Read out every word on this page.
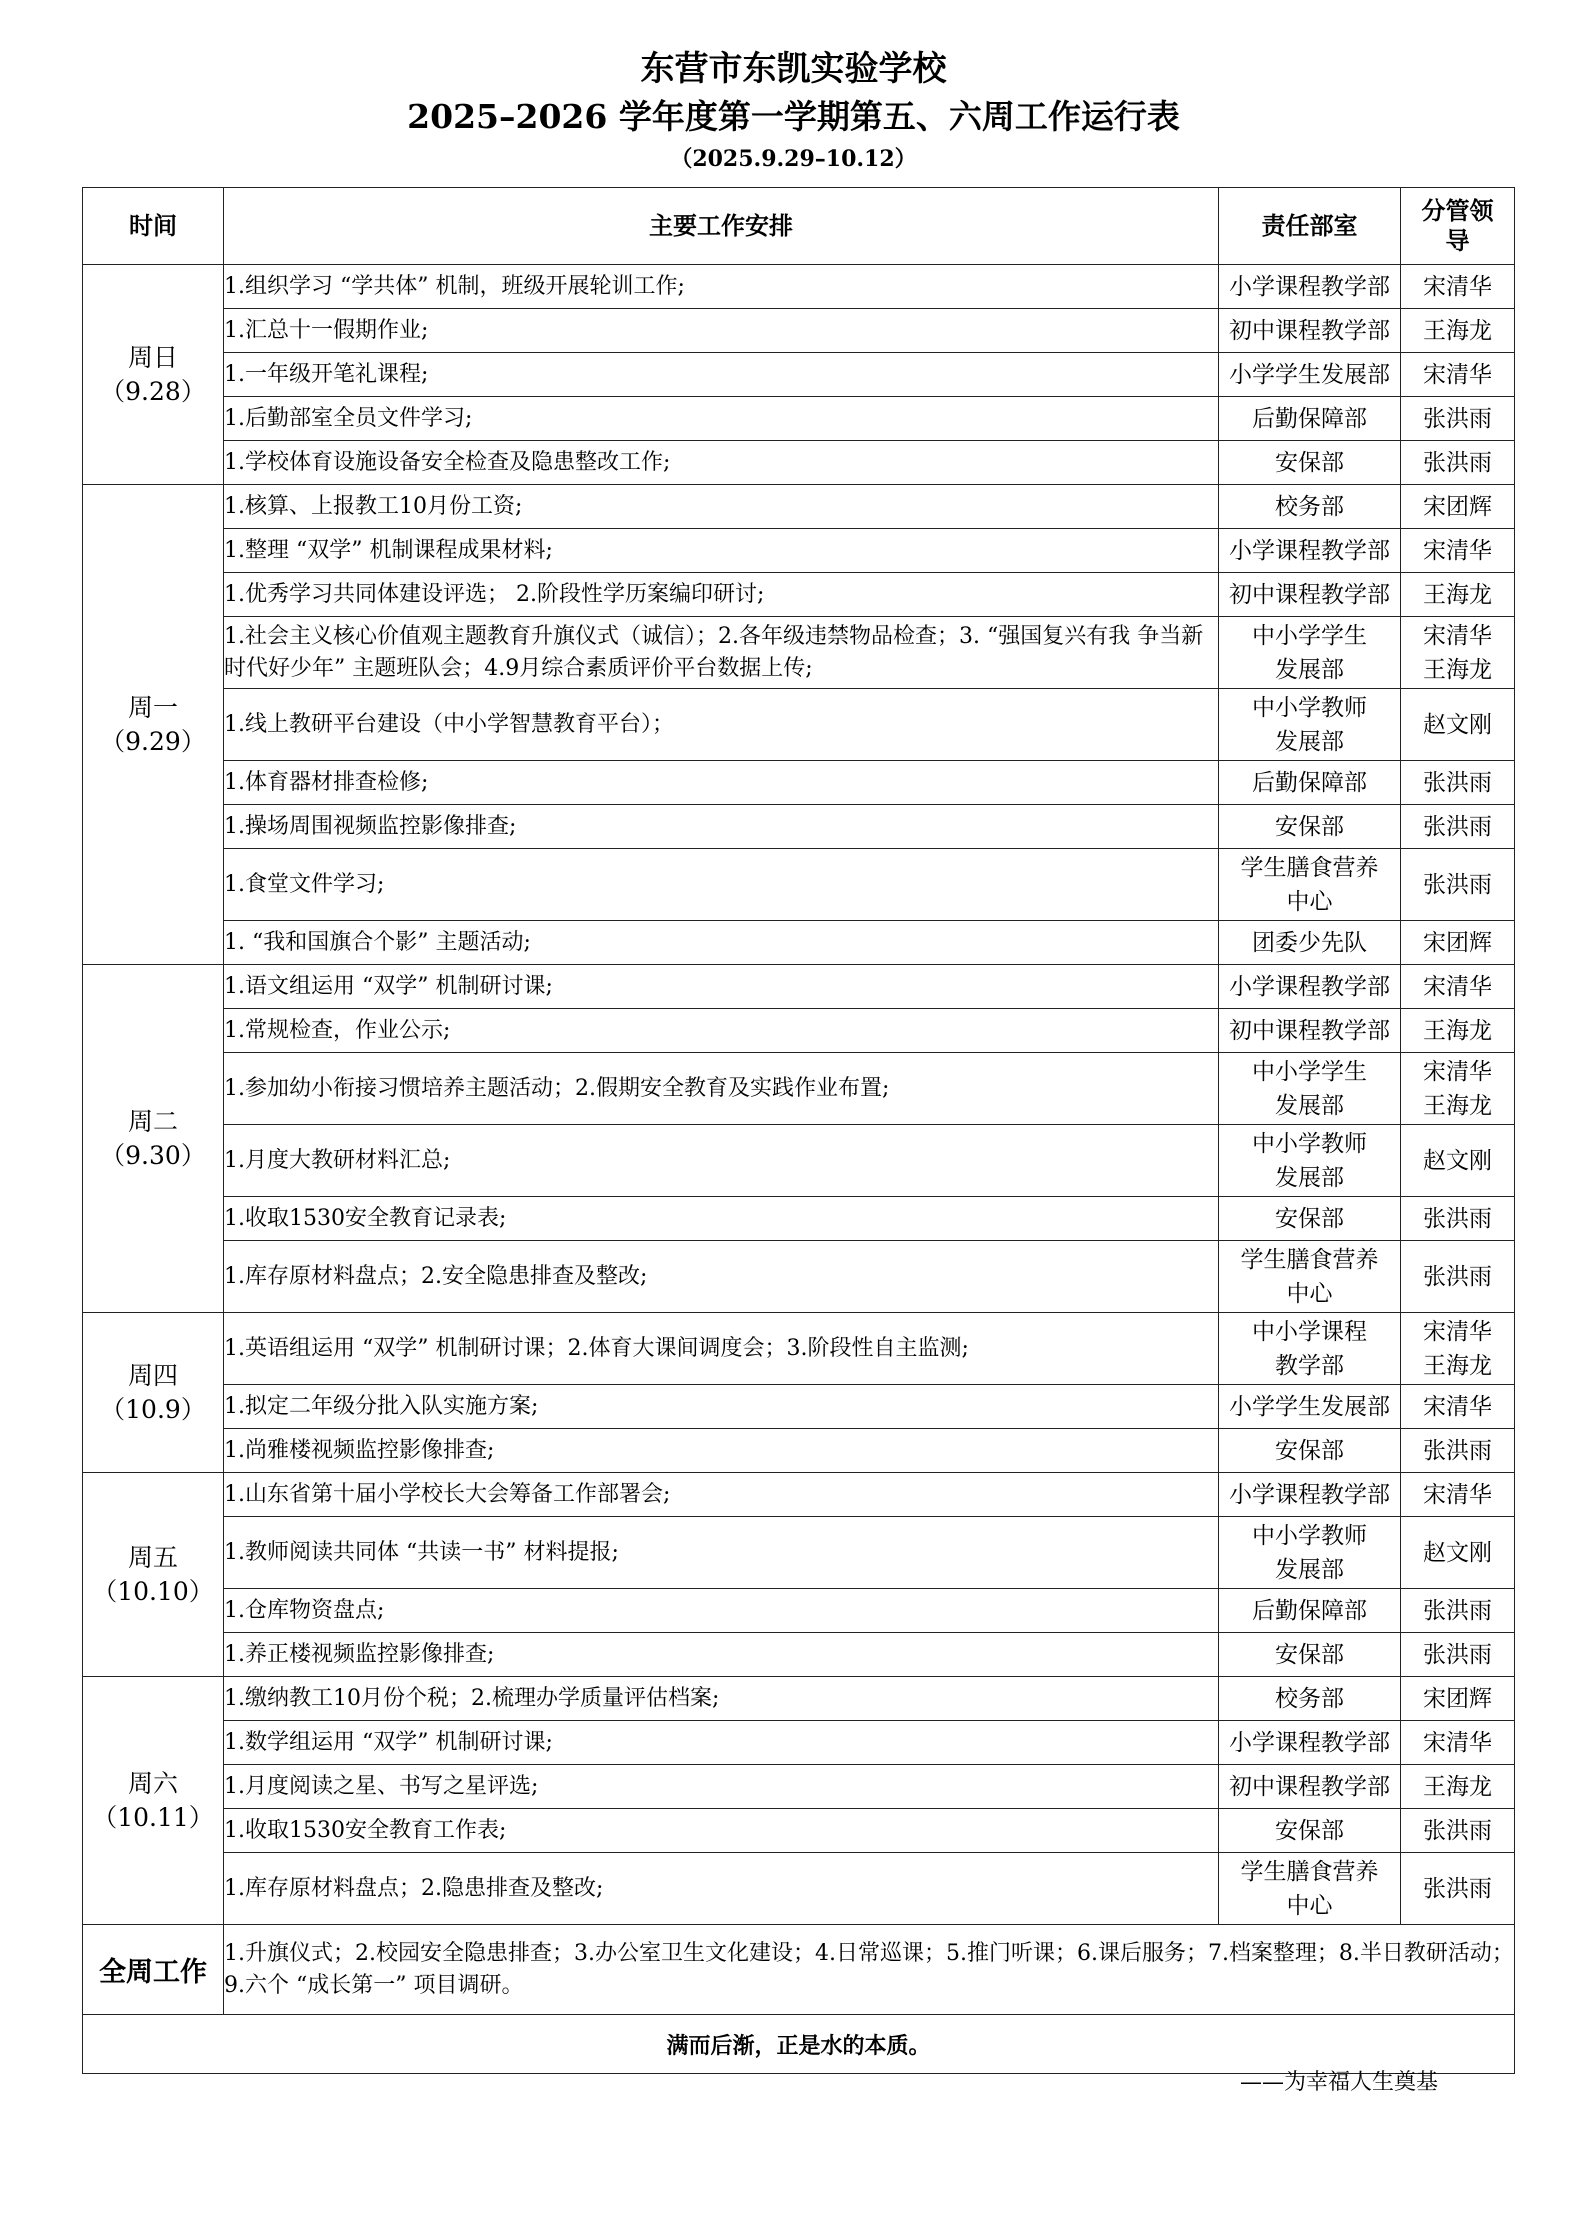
东营市东凯实验学校
2025–2026 学年度第一学期第五、六周工作运行表
（2025.9.29–10.12）
时间	主要工作安排	责任部室	分管领导

周日
（9.28）	1.组织学习 “学共体” 机制，班级开展轮训工作;	小学课程教学部	宋清华

	1.汇总十一假期作业;	初中课程教学部	王海龙

	1.一年级开笔礼课程;	小学学生发展部	宋清华

	1.后勤部室全员文件学习;	后勤保障部	张洪雨

	1.学校体育设施设备安全检查及隐患整改工作;	安保部	张洪雨

周一
（9.29）	1.核算、上报教工10月份工资;	校务部	宋团辉

	1.整理 “双学” 机制课程成果材料;	小学课程教学部	宋清华

	1.优秀学习共同体建设评选； 2.阶段性学历案编印研讨;	初中课程教学部	王海龙

	1.社会主义核心价值观主题教育升旗仪式（诚信）；2.各年级违禁物品检查；3. “强国复兴有我 争当新时代好少年” 主题班队会；4.9月综合素质评价平台数据上传;	中小学学生
发展部	宋清华
王海龙

	1.线上教研平台建设（中小学智慧教育平台）；	中小学教师
发展部	赵文刚

	1.体育器材排查检修;	后勤保障部	张洪雨

	1.操场周围视频监控影像排查;	安保部	张洪雨

	1.食堂文件学习;	学生膳食营养
中心	张洪雨

	1. “我和国旗合个影” 主题活动;	团委少先队	宋团辉

周二
（9.30）	1.语文组运用 “双学” 机制研讨课;	小学课程教学部	宋清华

	1.常规检查，作业公示;	初中课程教学部	王海龙

	1.参加幼小衔接习惯培养主题活动；2.假期安全教育及实践作业布置;	中小学学生
发展部	宋清华
王海龙

	1.月度大教研材料汇总;	中小学教师
发展部	赵文刚

	1.收取1530安全教育记录表;	安保部	张洪雨

	1.库存原材料盘点；2.安全隐患排查及整改;	学生膳食营养
中心	张洪雨

周四
（10.9）	1.英语组运用 “双学” 机制研讨课；2.体育大课间调度会；3.阶段性自主监测;	中小学课程
教学部	宋清华
王海龙

	1.拟定二年级分批入队实施方案;	小学学生发展部	宋清华

	1.尚雅楼视频监控影像排查;	安保部	张洪雨

周五
（10.10）	1.山东省第十届小学校长大会筹备工作部署会;	小学课程教学部	宋清华

	1.教师阅读共同体 “共读一书” 材料提报;	中小学教师
发展部	赵文刚

	1.仓库物资盘点;	后勤保障部	张洪雨

	1.养正楼视频监控影像排查;	安保部	张洪雨

周六
（10.11）	1.缴纳教工10月份个税；2.梳理办学质量评估档案;	校务部	宋团辉

	1.数学组运用 “双学” 机制研讨课;	小学课程教学部	宋清华

	1.月度阅读之星、书写之星评选;	初中课程教学部	王海龙

	1.收取1530安全教育工作表;	安保部	张洪雨

	1.库存原材料盘点；2.隐患排查及整改;	学生膳食营养
中心	张洪雨

全周工作	1.升旗仪式；2.校园安全隐患排查；3.办公室卫生文化建设；4.日常巡课；5.推门听课；6.课后服务；7.档案整理；8.半日教研活动；9.六个 “成长第一” 项目调研。		
满而后渐，正是水的本质。			
——为幸福人生奠基
